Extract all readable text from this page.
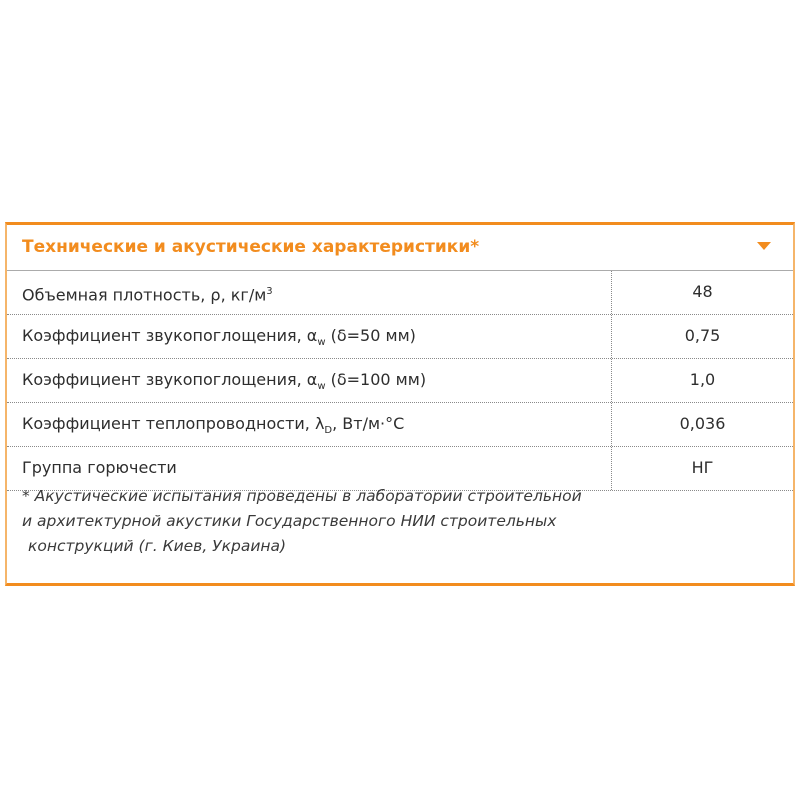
Технические и акустические характеристики*
Объемная плотность, ρ, $кг/м^3$	48
Коэффициент звукопоглощения, $\alpha_w$ (δ=50 мм)	0,75
Коэффициент звукопоглощения, $\alpha_w$ (δ=100 мм)	1,0
Коэффициент теплопроводности, $\lambda_D$, Вт/м·°С	0,036
Группа горючести	НГ
* Акустические испытания проведены в лаборатории строительной
и архитектурной акустики Государственного НИИ строительных
конструкций (г. Киев, Украина)
